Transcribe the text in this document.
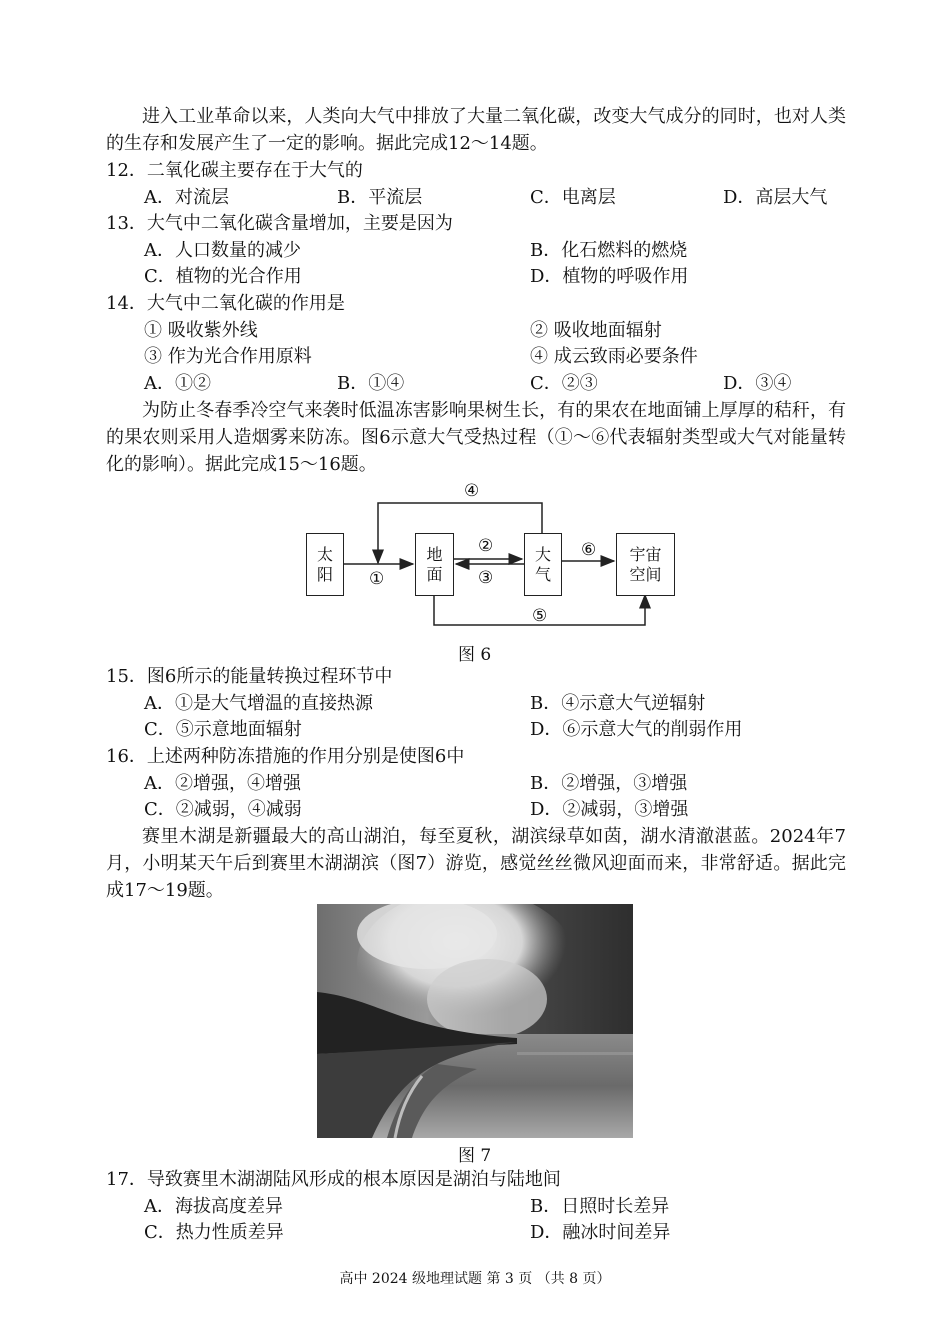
进入工业革命以来，人类向大气中排放了大量二氧化碳，改变大气成分的同时，也对人类的生存和发展产生了一定的影响。据此完成12～14题。
12．二氧化碳主要存在于大气的
A．对流层	B．平流层	C．电离层	D．高层大气
13．大气中二氧化碳含量增加，主要是因为
A．人口数量的减少	B．化石燃料的燃烧
C．植物的光合作用	D．植物的呼吸作用
14．大气中二氧化碳的作用是
① 吸收紫外线	② 吸收地面辐射
③ 作为光合作用原料	④ 成云致雨必要条件
A．①②	B．①④	C．②③	D．③④
为防止冬春季冷空气来袭时低温冻害影响果树生长，有的果农在地面铺上厚厚的秸秆，有的果农则采用人造烟雾来防冻。图6示意大气受热过程（①～⑥代表辐射类型或大气对能量转化的影响）。据此完成15～16题。
太阳
地面
大气
宇宙空间
①
②
③
④
⑤
⑥
图 6
15．图6所示的能量转换过程环节中
A．①是大气增温的直接热源	B．④示意大气逆辐射
C．⑤示意地面辐射	D．⑥示意大气的削弱作用
16．上述两种防冻措施的作用分别是使图6中
A．②增强，④增强	B．②增强，③增强
C．②减弱，④减弱	D．②减弱，③增强
赛里木湖是新疆最大的高山湖泊，每至夏秋，湖滨绿草如茵，湖水清澈湛蓝。2024年7月，小明某天午后到赛里木湖湖滨（图7）游览，感觉丝丝微风迎面而来，非常舒适。据此完成17～19题。
图 7
17．导致赛里木湖湖陆风形成的根本原因是湖泊与陆地间
A．海拔高度差异	B．日照时长差异
C．热力性质差异	D．融冰时间差异
高中 2024 级地理试题 第 3 页 （共 8 页）
